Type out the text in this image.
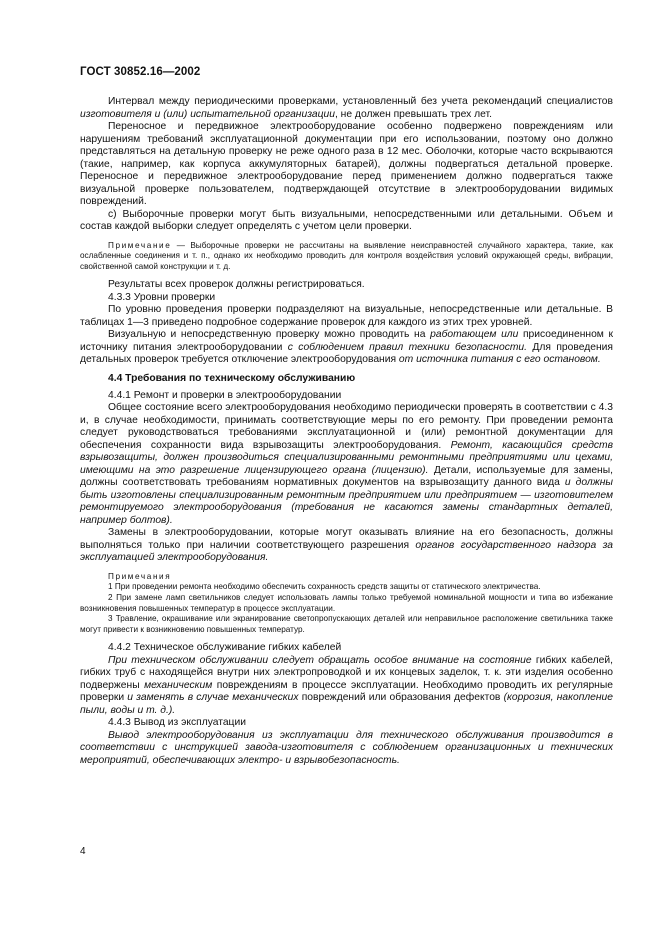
ГОСТ 30852.16—2002

Интервал между периодическими проверками, установленный без учета рекомендаций специалистов изготовителя и (или) испытательной организации, не должен превышать трех лет.

Переносное и передвижное электрооборудование особенно подвержено повреждениям или нарушениям требований эксплуатационной документации при его использовании, поэтому оно должно представляться на детальную проверку не реже одного раза в 12 мес. Оболочки, которые часто вскрываются (такие, например, как корпуса аккумуляторных батарей), должны подвергаться детальной проверке. Переносное и передвижное электрооборудование перед применением должно подвергаться также визуальной проверке пользователем, подтверждающей отсутствие в электрооборудовании видимых повреждений.

c) Выборочные проверки могут быть визуальными, непосредственными или детальными. Объем и состав каждой выборки следует определять с учетом цели проверки.

Примечание — Выборочные проверки не рассчитаны на выявление неисправностей случайного характера, такие, как ослабленные соединения и т. п., однако их необходимо проводить для контроля воздействия условий окружающей среды, вибрации, свойственной самой конструкции и т. д.

Результаты всех проверок должны регистрироваться.

4.3.3 Уровни проверки

По уровню проведения проверки подразделяют на визуальные, непосредственные или детальные. В таблицах 1—3 приведено подробное содержание проверок для каждого из этих трех уровней.

Визуальную и непосредственную проверку можно проводить на работающем или присоединенном к источнику питания электрооборудовании с соблюдением правил техники безопасности. Для проведения детальных проверок требуется отключение электрооборудования от источника питания с его остановом.

4.4 Требования по техническому обслуживанию

4.4.1 Ремонт и проверки в электрооборудовании

Общее состояние всего электрооборудования необходимо периодически проверять в соответствии с 4.3 и, в случае необходимости, принимать соответствующие меры по его ремонту. При проведении ремонта следует руководствоваться требованиями эксплуатационной и (или) ремонтной документации для обеспечения сохранности вида взрывозащиты электрооборудования. Ремонт, касающийся средств взрывозащиты, должен производиться специализированными ремонтными предприятиями или цехами, имеющими на это разрешение лицензирующего органа (лицензию). Детали, используемые для замены, должны соответствовать требованиям нормативных документов на взрывозащиту данного вида и должны быть изготовлены специализированным ремонтным предприятием или предприятием — изготовителем ремонтируемого электрооборудования (требования не касаются замены стандартных деталей, например болтов).

Замены в электрооборудовании, которые могут оказывать влияние на его безопасность, должны выполняться только при наличии соответствующего разрешения органов государственного надзора за эксплуатацией электрооборудования.

Примечания

1 При проведении ремонта необходимо обеспечить сохранность средств защиты от статического электричества.

2 При замене ламп светильников следует использовать лампы только требуемой номинальной мощности и типа во избежание возникновения повышенных температур в процессе эксплуатации.

3 Травление, окрашивание или экранирование светопропускающих деталей или неправильное расположение светильника также могут привести к возникновению повышенных температур.

4.4.2 Техническое обслуживание гибких кабелей

При техническом обслуживании следует обращать особое внимание на состояние гибких кабелей, гибких труб с находящейся внутри них электропроводкой и их концевых заделок, т. к. эти изделия особенно подвержены механическим повреждениям в процессе эксплуатации. Необходимо проводить их регулярные проверки и заменять в случае механических повреждений или образования дефектов (коррозия, накопление пыли, воды и т. д.).

4.4.3 Вывод из эксплуатации

Вывод электрооборудования из эксплуатации для технического обслуживания производится в соответствии с инструкцией завода-изготовителя с соблюдением организационных и технических мероприятий, обеспечивающих электро- и взрывобезопасность.

4
